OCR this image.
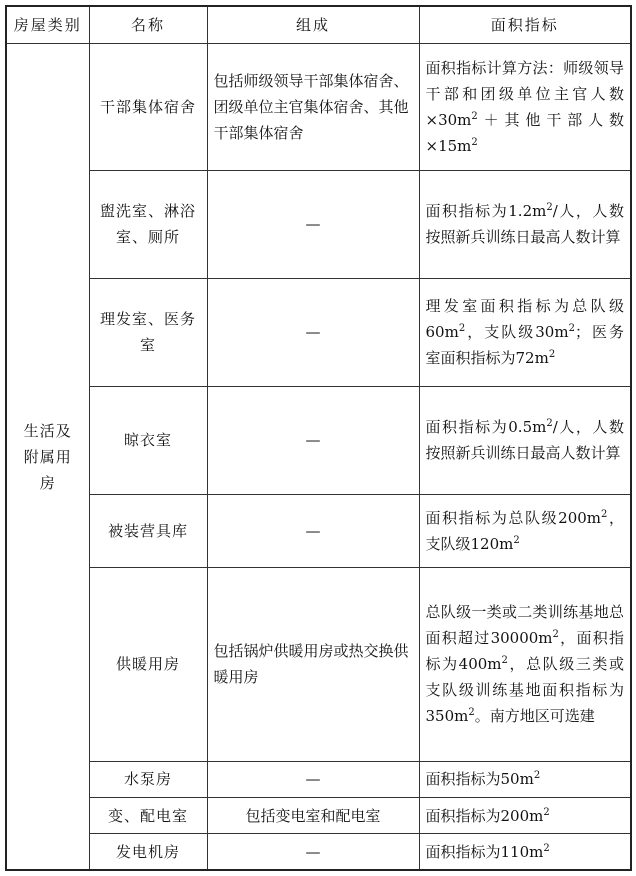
房屋类别	名称	组成	面积指标
生活及附属用房	干部集体宿舍	包括师级领导干部集体宿舍、团级单位主官集体宿舍、其他干部集体宿舍	面积指标计算方法：师级领导干部和团级单位主官人数$\times 30m^2+$其他干部人数$\times 15m^2$

	盥洗室、淋浴室、厕所	—	面积指标为$1.2m^2/$人，人数按照新兵训练日最高人数计算

	理发室、医务室	—	理发室面积指标为总队级$60m^2$，支队级$30m^2$；医务室面积指标为$72m^2$

	晾衣室	—	面积指标为$0.5m^2/$人，人数按照新兵训练日最高人数计算

	被装营具库	—	面积指标为总队级$200m^2$，支队级$120m^2$

	供暖用房	包括锅炉供暖用房或热交换供暖用房	总队级一类或二类训练基地总面积超过$30000m^2$，面积指标为$400m^2$，总队级三类或支队级训练基地面积指标为$350m^2$。南方地区可选建

	水泵房	—	面积指标为$50m^2$

	变、配电室	包括变电室和配电室	面积指标为$200m^2$

	发电机房	—	面积指标为$110m^2$
